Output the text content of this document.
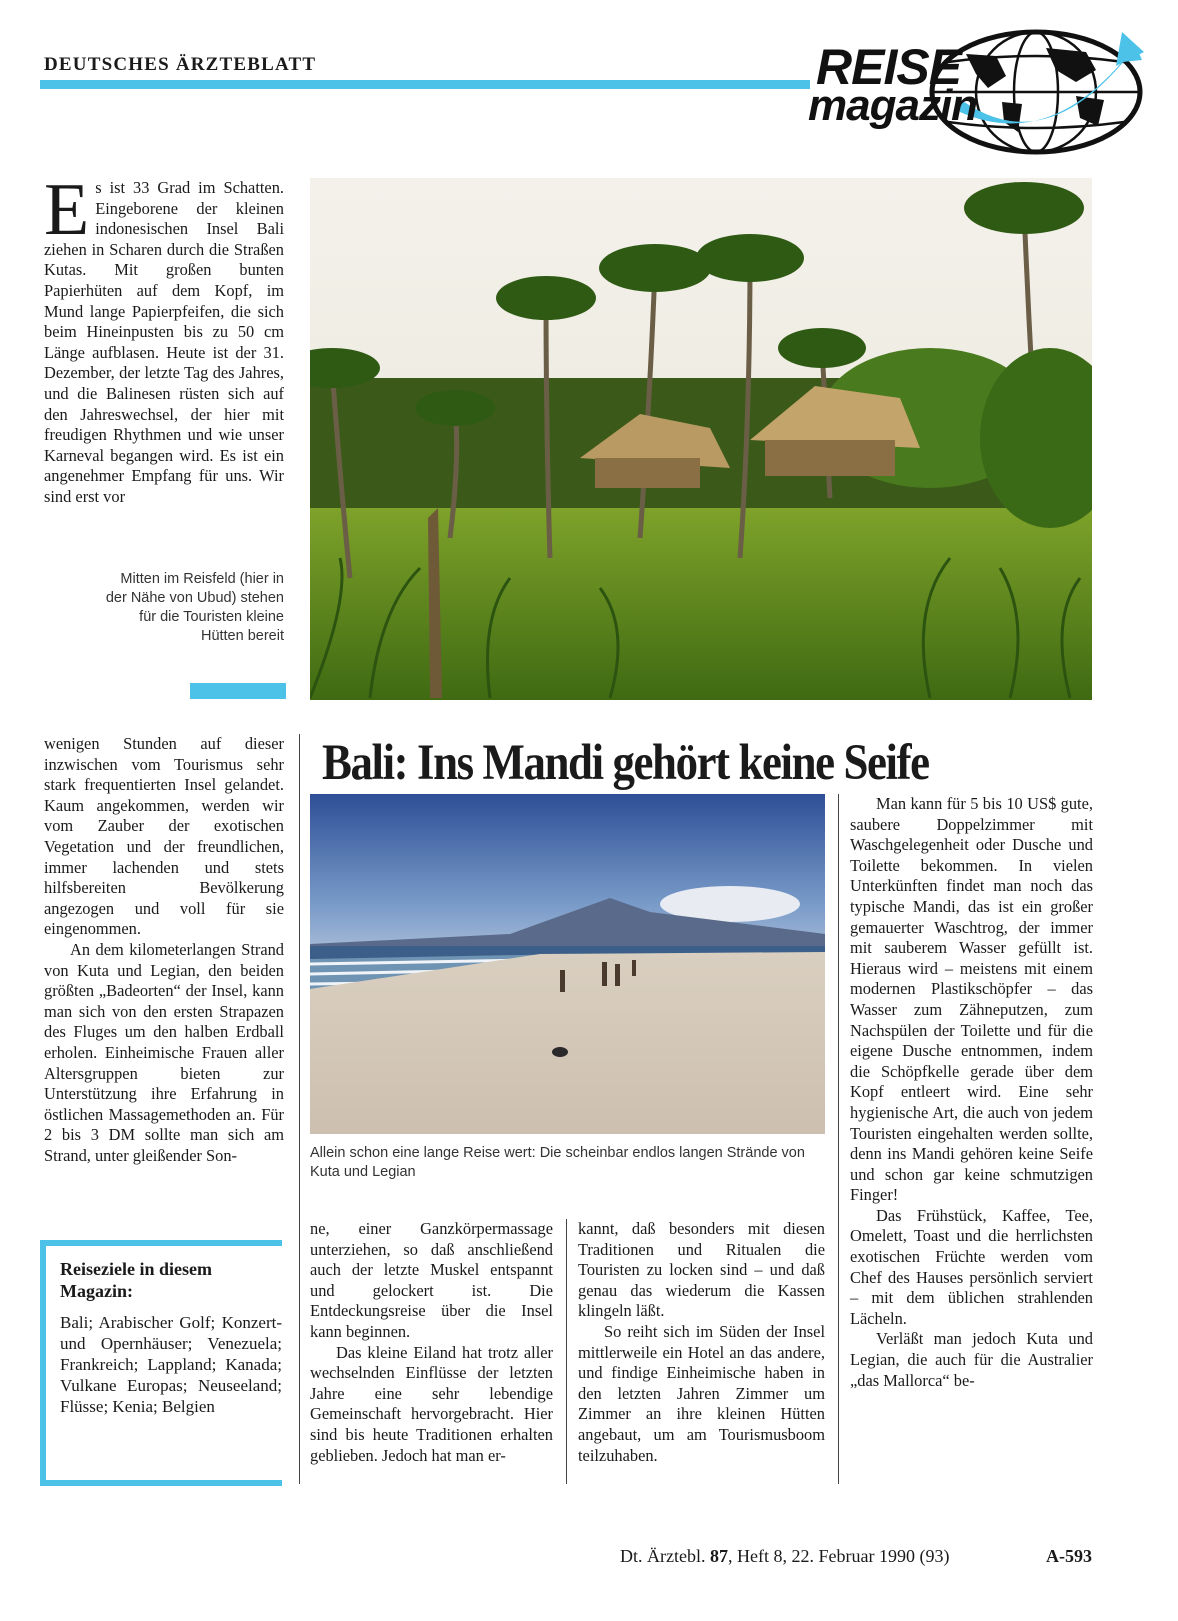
DEUTSCHES ÄRZTEBLATT	REISE
magazin
Es ist 33 Grad im Schatten. Eingeborene der kleinen indonesischen Insel Bali ziehen in Scharen durch die Straßen Kutas. Mit großen bunten Papierhüten auf dem Kopf, im Mund lange Papierpfeifen, die sich beim Hineinpusten bis zu 50 cm Länge aufblasen. Heute ist der 31. Dezember, der letzte Tag des Jahres, und die Balinesen rüsten sich auf den Jahreswechsel, der hier mit freudigen Rhythmen und wie unser Karneval begangen wird. Es ist ein angenehmer Empfang für uns. Wir sind erst vor
Mitten im Reisfeld (hier in der Nähe von Ubud) stehen für die Touristen kleine Hütten bereit
Bali: Ins Mandi gehört keine Seife

wenigen Stunden auf dieser inzwischen vom Tourismus sehr stark frequentierten Insel gelandet. Kaum angekommen, werden wir vom Zauber der exotischen Vegetation und der freundlichen, immer lachenden und stets hilfsbereiten Bevölkerung angezogen und voll für sie eingenommen.

An dem kilometerlangen Strand von Kuta und Legian, den beiden größten „Badeorten“ der Insel, kann man sich von den ersten Strapazen des Fluges um den halben Erdball erholen. Einheimische Frauen aller Altersgruppen bieten zur Unterstützung ihre Erfahrung in östlichen Massagemethoden an. Für 2 bis 3 DM sollte man sich am Strand, unter gleißender Son-	Allein schon eine lange Reise wert: Die scheinbar endlos langen Strände von Kuta und Legian

ne, einer Ganzkörpermassage unterziehen, so daß anschließend auch der letzte Muskel entspannt und gelockert ist. Die Entdeckungsreise über die Insel kann beginnen.

Das kleine Eiland hat trotz aller wechselnden Einflüsse der letzten Jahre eine sehr lebendige Gemeinschaft hervorgebracht. Hier sind bis heute Traditionen erhalten geblieben. Jedoch hat man er-

kannt, daß besonders mit diesen Traditionen und Ritualen die Touristen zu locken sind – und daß genau das wiederum die Kassen klingeln läßt.

So reiht sich im Süden der Insel mittlerweile ein Hotel an das andere, und findige Einheimische haben in den letzten Jahren Zimmer um Zimmer an ihre kleinen Hütten angebaut, um am Tourismusboom teilzuhaben.

Man kann für 5 bis 10 US$ gute, saubere Doppelzimmer mit Waschgelegenheit oder Dusche und Toilette bekommen. In vielen Unterkünften findet man noch das typische Mandi, das ist ein großer gemauerter Waschtrog, der immer mit sauberem Wasser gefüllt ist. Hieraus wird – meistens mit einem modernen Plastikschöpfer – das Wasser zum Zähneputzen, zum Nachspülen der Toilette und für die eigene Dusche entnommen, indem die Schöpfkelle gerade über dem Kopf entleert wird. Eine sehr hygienische Art, die auch von jedem Touristen eingehalten werden sollte, denn ins Mandi gehören keine Seife und schon gar keine schmutzigen Finger!

Das Frühstück, Kaffee, Tee, Omelett, Toast und die herrlichsten exotischen Früchte werden vom Chef des Hauses persönlich serviert – mit dem üblichen strahlenden Lächeln.

Verläßt man jedoch Kuta und Legian, die auch für die Australier „das Mallorca“ be-

Reiseziele in diesem Magazin:
Bali; Arabischer Golf; Konzert- und Opernhäuser; Venezuela; Frankreich; Lappland; Kanada; Vulkane Europas; Neuseeland; Flüsse; Kenia; Belgien
Dt. Ärztebl. 87, Heft 8, 22. Februar 1990 (93)	A-593
